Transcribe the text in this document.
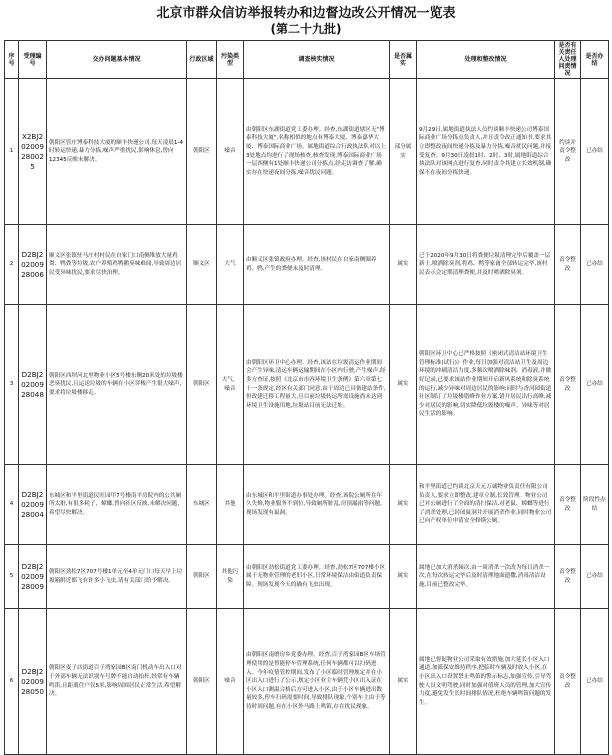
北京市群众信访举报转办和边督边改公开情况一览表
(第二十九批)
序号	受理编号	交办问题基本情况	行政区域	污染类型	调查核实情况	是否属实	处理和整改情况	是否有关责任人处理问责情况	是否办结
1	X2BJ202009280025	朝阳区管庄博泰科技大厦的顺丰快递公司,每天凌晨1-4时转运快递,暴力分拣,噪声严重扰民,影响休息,曾向12345反映未解决。	朝阳区	噪音	由朝阳区东湖街道党工委办理。经查,东湖街道辖区无"博泰科技大厦",名称相似的地点有博泰大厦、博泰嘉华大厦、博泰国际商业广场。属地街道综合行政执法队对以上3处地点均进行了现场核查,核查发现,博泰国际商业广场一层西侧有1处顺丰快递公司分拣点,经走访调查了解,确实存在快递夜间分拣,噪音扰民问题。	部分属实	9月29日,属地街道执法人员约谈顺丰快递公司博泰国际商业广场分拣点负责人,并且责令改正通知书,要求其立即整改夜间快递分拣及暴力分拣,噪音扰民问题,并接受复查。9月30日凌晨1时、2时、3时,属地街道综合执法队对该网点进行复查,同时责令其建立长效机制,确保不在夜间分拣快递。	约谈并责令整改	已办结
2	D2BJ20200928006	顺义区张镇驻马庄村村民在自家门口南侧堆放大量鸡粪、鸭粪等垃圾,农户养殖鸡鸭鹅臭味难闻,导致周边居民受异味扰民,要求尽快治理。	顺义区	大气	由顺义区张镇政府办理。经查,该村民在自家南侧圈养鸡、鸭,产生的粪便未及时清理。	属实	已于2020年9月30日将粪便垃圾清理完毕后覆盖一层新土,喷洒除臭剂,将鸡、鸭等家禽全部转运完毕,该村民表示会定期清理粪便,并及时喷洒除臭剂。	责令整改	已办结
3	D2BJ20200928048	朝阳区西坝河北里物业小区5号楼东侧20米处的垃圾楼恶臭扰民,且运送垃圾的车辆在小区穿梭产生很大噪声,要求将垃圾楼移走。	朝阳区	大气、噪音	由朝阳区环卫中心办理。经查,该站在垃圾清运作业期间会产生异味,清运车辆运输期间在小区内行驶,产生噪声,经多方查证,按照《北京市市容环境卫生条例》第六章第七十一条规定,经区有关部门同意,由于周边已具备建站条件,但改建迁移工程量大,且目前垃圾转运所需设施尚未达到环境卫生设施用地,垃圾站目前无法迁址。	属实	朝阳区环卫中心已严格按照《密闭式清洁站环境卫生管理标准(试行)》作业,每日加强对清洁站卫生及周边环境的冲刷清洁力度,多频次喷洒除味剂、消毒液,并做好记录,已要求该站作业期间开启新风系统和除臭系统的运行,减少异味对周边居民的影响;同时与香河园街道社区制订了垃圾楼错峰作业方案,错开居民出行高峰,减少对居民的影响,切实降低垃圾楼的噪声、异味等对居民生活的影响。	责令整改	已办结
4	D2BJ20200928004	东城区和平里街道民旺园甲7号楼南平房院内的公共厕所太脏,有很多耗子、蟑螂,曾向社区反映,未解决问题,希望尽快解决。	东城区	其他	由东城区和平里街道办事处办理。经查,该院公厕所在年久失修,物业服务不到位,导致厕所脏乱,房顶漏雨等问题,现场发现有鼠洞。	属实	和平里街道已约谈北京天元万诚物业负责任有限公司负责人,要求立即整改,建章立制,长效管理。物业公司已对公厕进行了全面的清扫保洁,对老鼠、蟑螂等进行了消杀处理,已封闭鼠洞并开展消杀作业,同时物业公司已向产权单位申请安全修缮公厕。	责令整改	阶段性办结
5	D2BJ20200928009	朝阳区劲松7区707号楼1单元至4单元门口每天早上垃圾箱附近都飞有许多小飞虫,请有关部门给予解决。	朝阳区	其他污染	由朝阳区劲松街道党工委办理。经查,劲松7区707楼小区属于无物业管理的老旧小区,日常环境保洁由街道负责保障。现场发现今天的确有飞虫出现。	属实	属地已加大消杀频次,由一周消杀一次改为每日消杀一次,在每次转运完毕后及时清理地面遗撒,消毒清洁设施,目前已整改完毕。	责令整改	已办结
6	D2BJ20200928050	朝阳区麦子店街道百子湾家园B区南门机动车出入口对于外部车辆无法识别车号牌不能自动抬杆,经常有车辆鸣笛,且距离住户仅5米,影响周围居民正常生活,希望解决。	朝阳区	噪音	由朝阳区南磨房乡党委办理。经查,百子湾家园B区车场管理使用的是智能停车管理系统,任何车辆都可以扫码进入。今年疫情管控期间,发布了小区临时管理规定并在小区出入口进行了公示,规定小区业主车辆凭小区出入证在小区入口测温合格后方可进入小区,由于小区车辆进出数量较多,停车扫码需要时间,导致排队现象,个别车主由于等待时间问题,有在小区外马路上鸣笛,存在扰民现象。	属实	属地已督促物业公司采取有效措施,加大延长小区入口通道,加派保安维持秩序,把临时车辆及时放入小区,在小区出入口设置禁止鸣笛的警示标志,加强宣传,引导驾驶人员文明驾驶,同时加强对值班人员的管理,加大宣传力度,避免发生长时间排队情况,杜绝车辆鸣笛问题的发生。	责令整改	已办结
